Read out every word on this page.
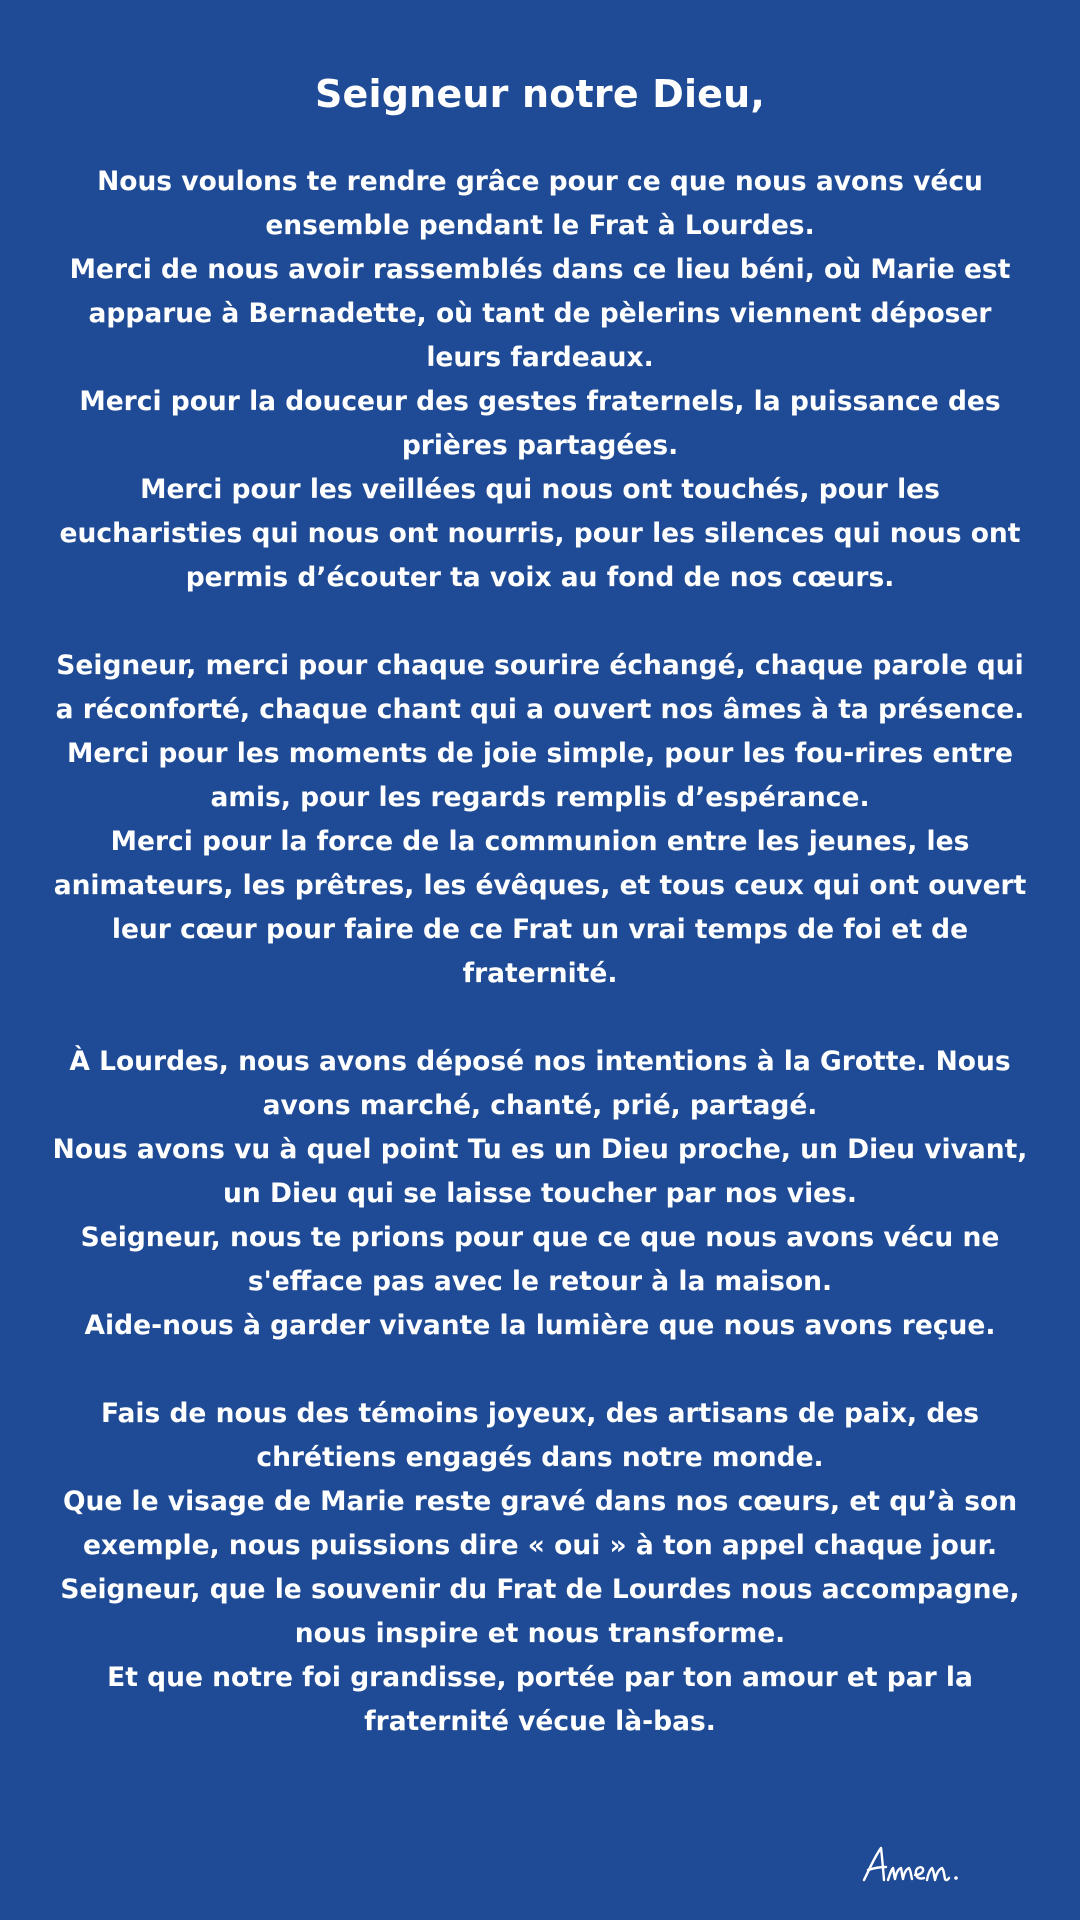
Seigneur notre Dieu,

Nous voulons te rendre grâce pour ce que nous avons vécu ensemble pendant le Frat à Lourdes.
Merci de nous avoir rassemblés dans ce lieu béni, où Marie est apparue à Bernadette, où tant de pèlerins viennent déposer leurs fardeaux.
Merci pour la douceur des gestes fraternels, la puissance des prières partagées.
Merci pour les veillées qui nous ont touchés, pour les eucharisties qui nous ont nourris, pour les silences qui nous ont permis d’écouter ta voix au fond de nos cœurs.

Seigneur, merci pour chaque sourire échangé, chaque parole qui a réconforté, chaque chant qui a ouvert nos âmes à ta présence.
Merci pour les moments de joie simple, pour les fou-rires entre amis, pour les regards remplis d’espérance.
Merci pour la force de la communion entre les jeunes, les animateurs, les prêtres, les évêques, et tous ceux qui ont ouvert leur cœur pour faire de ce Frat un vrai temps de foi et de fraternité.

À Lourdes, nous avons déposé nos intentions à la Grotte. Nous avons marché, chanté, prié, partagé.
Nous avons vu à quel point Tu es un Dieu proche, un Dieu vivant, un Dieu qui se laisse toucher par nos vies.
Seigneur, nous te prions pour que ce que nous avons vécu ne s'efface pas avec le retour à la maison.
Aide-nous à garder vivante la lumière que nous avons reçue.

Fais de nous des témoins joyeux, des artisans de paix, des chrétiens engagés dans notre monde.
Que le visage de Marie reste gravé dans nos cœurs, et qu’à son exemple, nous puissions dire « oui » à ton appel chaque jour.
Seigneur, que le souvenir du Frat de Lourdes nous accompagne, nous inspire et nous transforme.
Et que notre foi grandisse, portée par ton amour et par la fraternité vécue là-bas.
